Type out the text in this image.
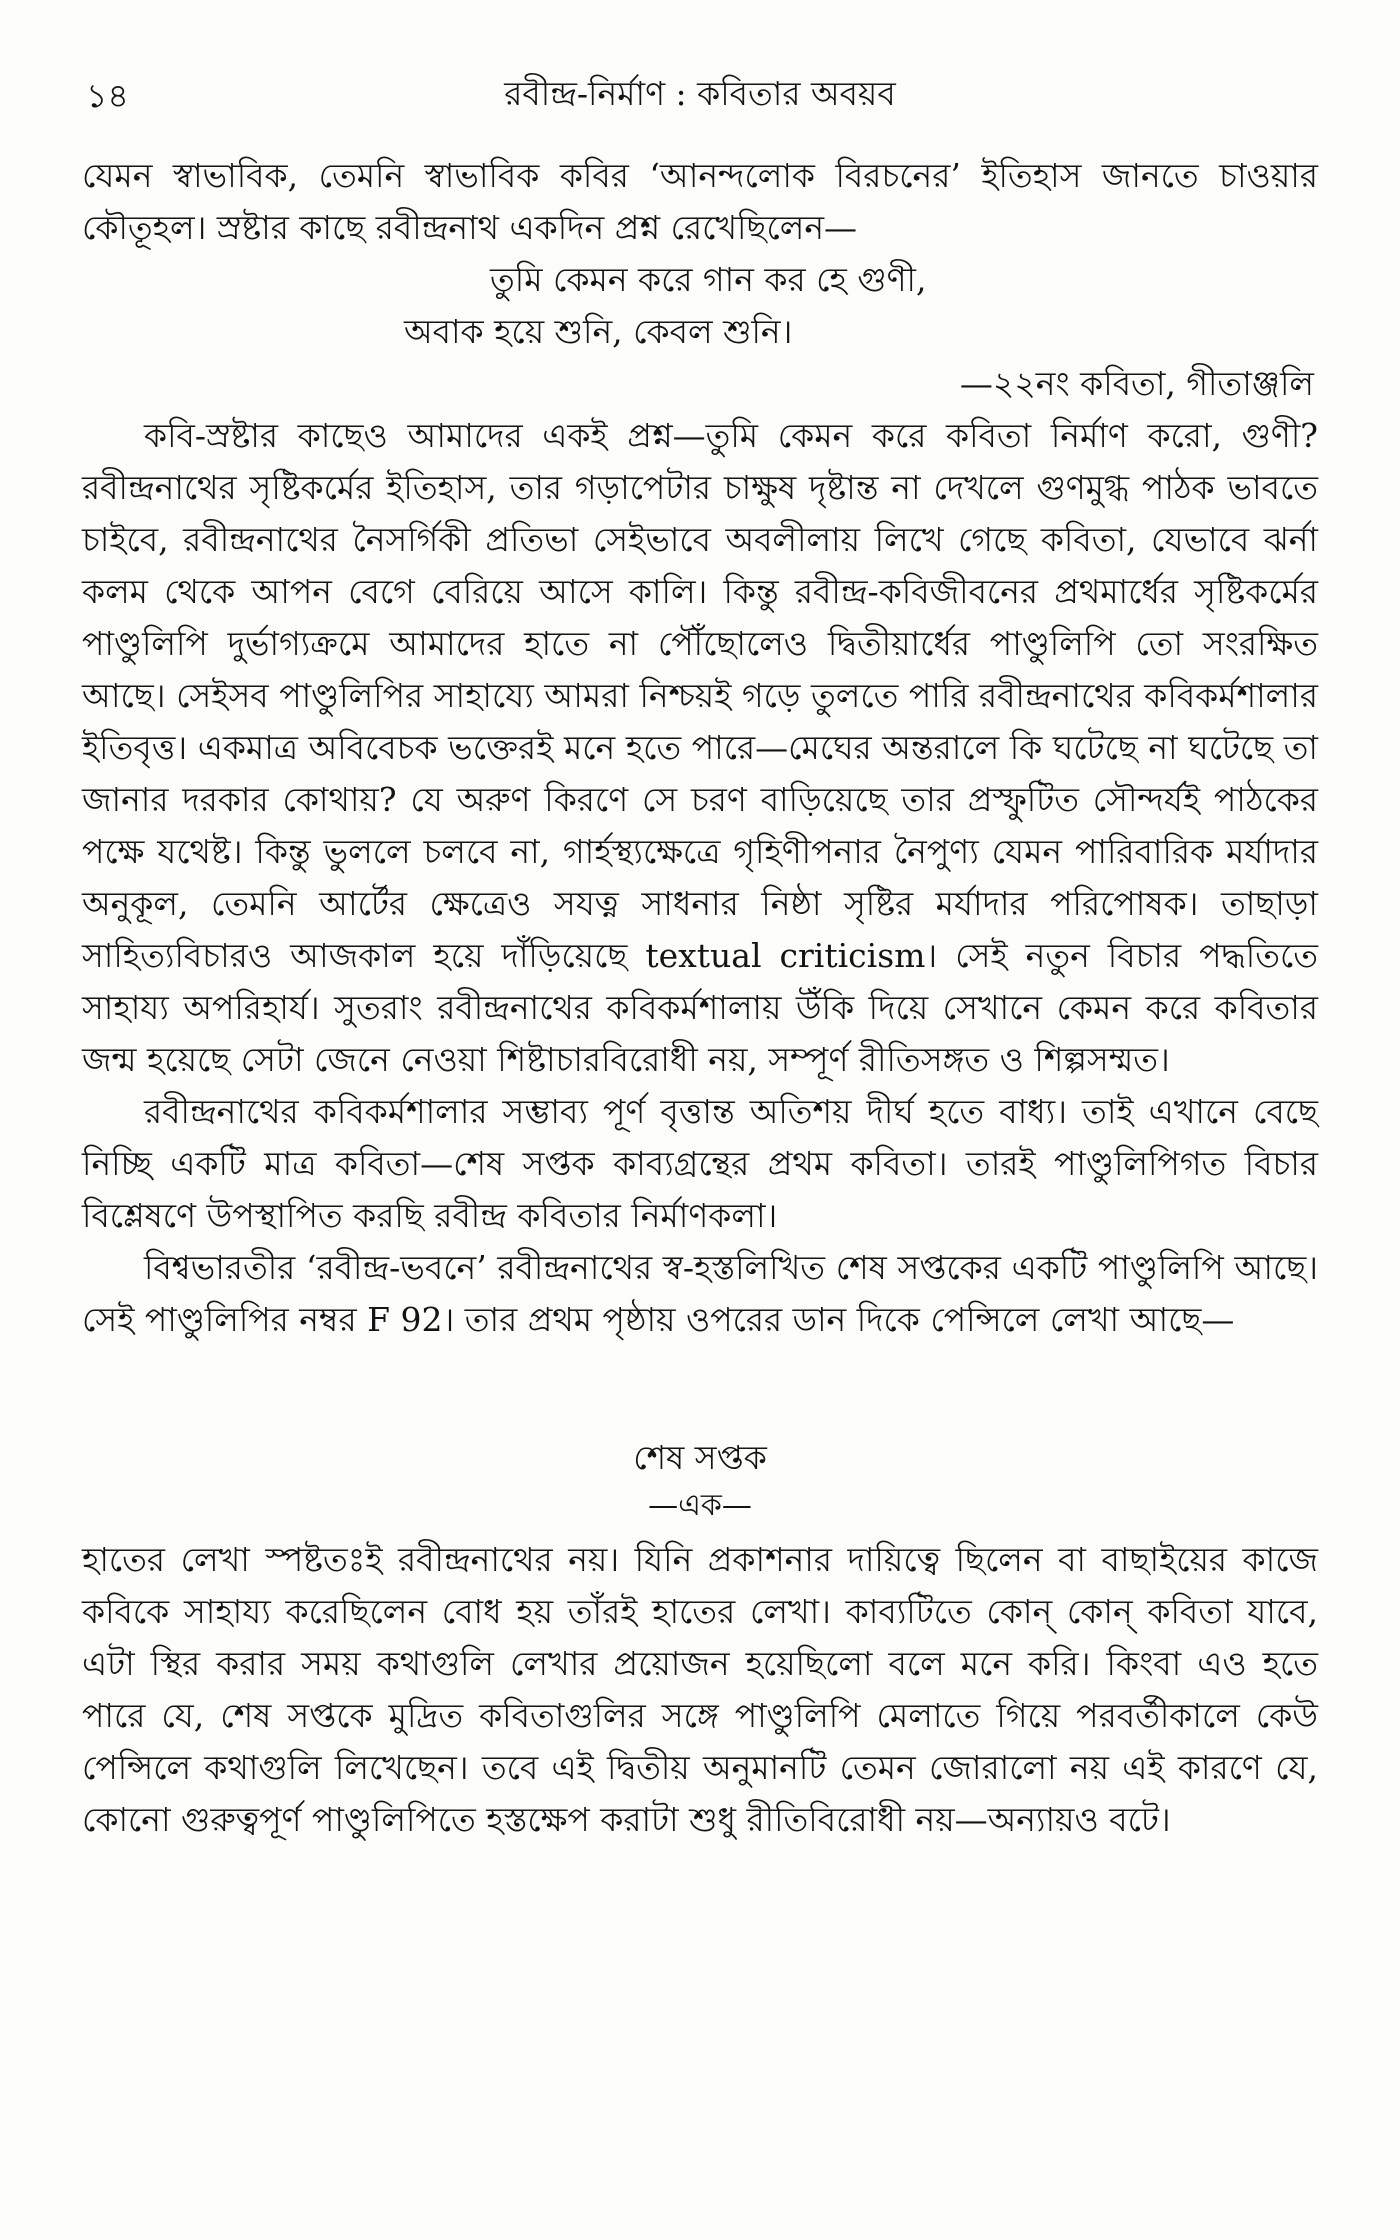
১৪	রবীন্দ্র-নির্মাণ : কবিতার অবয়ব

যেমন স্বাভাবিক, তেমনি স্বাভাবিক কবির ‘আনন্দলোক বিরচনের’ ইতিহাস জানতে চাওয়ার কৌতূহল। স্রষ্টার কাছে রবীন্দ্রনাথ একদিন প্রশ্ন রেখেছিলেন—

তুমি কেমন করে গান কর হে গুণী,
অবাক হয়ে শুনি, কেবল শুনি।

—২২নং কবিতা, গীতাঞ্জলি

কবি-স্রষ্টার কাছেও আমাদের একই প্রশ্ন—তুমি কেমন করে কবিতা নির্মাণ করো, গুণী? রবীন্দ্রনাথের সৃষ্টিকর্মের ইতিহাস, তার গড়াপেটার চাক্ষুষ দৃষ্টান্ত না দেখলে গুণমুগ্ধ পাঠক ভাবতে চাইবে, রবীন্দ্রনাথের নৈসর্গিকী প্রতিভা সেইভাবে অবলীলায় লিখে গেছে কবিতা, যেভাবে ঝর্না কলম থেকে আপন বেগে বেরিয়ে আসে কালি। কিন্তু রবীন্দ্র-কবিজীবনের প্রথমার্ধের সৃষ্টিকর্মের পাণ্ডুলিপি দুর্ভাগ্যক্রমে আমাদের হাতে না পৌঁছোলেও দ্বিতীয়ার্ধের পাণ্ডুলিপি তো সংরক্ষিত আছে। সেইসব পাণ্ডুলিপির সাহায্যে আমরা নিশ্চয়ই গড়ে তুলতে পারি রবীন্দ্রনাথের কবিকর্মশালার ইতিবৃত্ত। একমাত্র অবিবেচক ভক্তেরই মনে হতে পারে—মেঘের অন্তরালে কি ঘটেছে না ঘটেছে তা জানার দরকার কোথায়? যে অরুণ কিরণে সে চরণ বাড়িয়েছে তার প্রস্ফুটিত সৌন্দর্যই পাঠকের পক্ষে যথেষ্ট। কিন্তু ভুললে চলবে না, গার্হস্থ্যক্ষেত্রে গৃহিণীপনার নৈপুণ্য যেমন পারিবারিক মর্যাদার অনুকূল, তেমনি আর্টের ক্ষেত্রেও সযত্ন সাধনার নিষ্ঠা সৃষ্টির মর্যাদার পরিপোষক। তাছাড়া সাহিত্যবিচারও আজকাল হয়ে দাঁড়িয়েছে textual criticism। সেই নতুন বিচার পদ্ধতিতে সাহায্য অপরিহার্য। সুতরাং রবীন্দ্রনাথের কবিকর্মশালায় উঁকি দিয়ে সেখানে কেমন করে কবিতার জন্ম হয়েছে সেটা জেনে নেওয়া শিষ্টাচারবিরোধী নয়, সম্পূর্ণ রীতিসঙ্গত ও শিল্পসম্মত।

রবীন্দ্রনাথের কবিকর্মশালার সম্ভাব্য পূর্ণ বৃত্তান্ত অতিশয় দীর্ঘ হতে বাধ্য। তাই এখানে বেছে নিচ্ছি একটি মাত্র কবিতা—শেষ সপ্তক কাব্যগ্রন্থের প্রথম কবিতা। তারই পাণ্ডুলিপিগত বিচার বিশ্লেষণে উপস্থাপিত করছি রবীন্দ্র কবিতার নির্মাণকলা।

বিশ্বভারতীর ‘রবীন্দ্র-ভবনে’ রবীন্দ্রনাথের স্ব-হস্তলিখিত শেষ সপ্তকের একটি পাণ্ডুলিপি আছে। সেই পাণ্ডুলিপির নম্বর F 92। তার প্রথম পৃষ্ঠায় ওপরের ডান দিকে পেন্সিলে লেখা আছে—

শেষ সপ্তক

—এক—

হাতের লেখা স্পষ্টতঃই রবীন্দ্রনাথের নয়। যিনি প্রকাশনার দায়িত্বে ছিলেন বা বাছাইয়ের কাজে কবিকে সাহায্য করেছিলেন বোধ হয় তাঁরই হাতের লেখা। কাব্যটিতে কোন্ কোন্ কবিতা যাবে, এটা স্থির করার সময় কথাগুলি লেখার প্রয়োজন হয়েছিলো বলে মনে করি। কিংবা এও হতে পারে যে, শেষ সপ্তকে মুদ্রিত কবিতাগুলির সঙ্গে পাণ্ডুলিপি মেলাতে গিয়ে পরবর্তীকালে কেউ পেন্সিলে কথাগুলি লিখেছেন। তবে এই দ্বিতীয় অনুমানটি তেমন জোরালো নয় এই কারণে যে, কোনো গুরুত্বপূর্ণ পাণ্ডুলিপিতে হস্তক্ষেপ করাটা শুধু রীতিবিরোধী নয়—অন্যায়ও বটে।
